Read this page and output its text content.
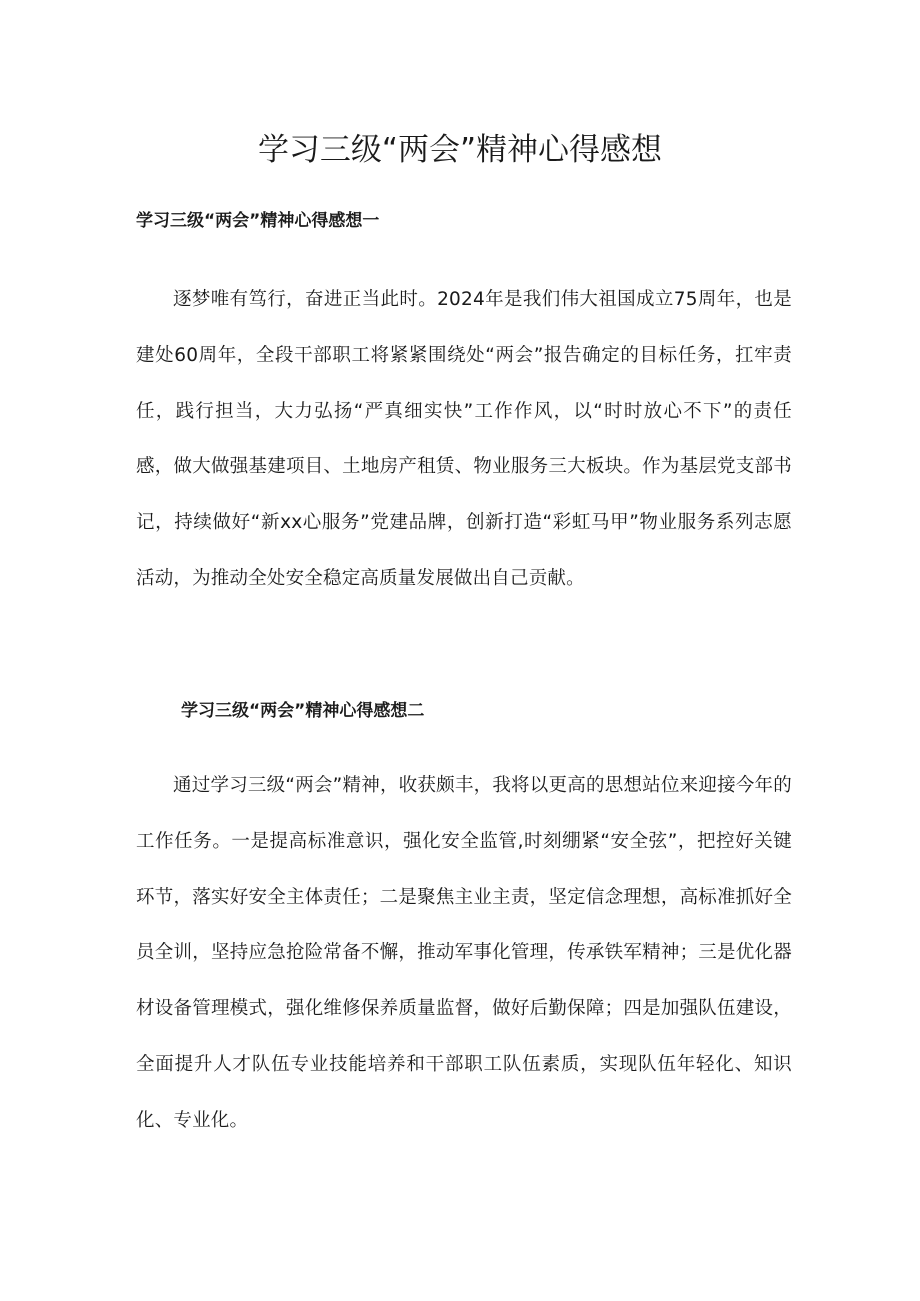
学习三级“两会”精神心得感想
学习三级“两会”精神心得感想一

逐梦唯有笃行，奋进正当此时。2024年是我们伟大祖国成立75周年，也是建处60周年，全段干部职工将紧紧围绕处“两会”报告确定的目标任务，扛牢责任，践行担当，大力弘扬“严真细实快”工作作风，以“时时放心不下”的责任感，做大做强基建项目、土地房产租赁、物业服务三大板块。作为基层党支部书记，持续做好“新xx心服务”党建品牌，创新打造“彩虹马甲”物业服务系列志愿活动，为推动全处安全稳定高质量发展做出自己贡献。

学习三级“两会”精神心得感想二

通过学习三级“两会”精神，收获颇丰，我将以更高的思想站位来迎接今年的工作任务。一是提高标准意识，强化安全监管,时刻绷紧“安全弦”，把控好关键环节，落实好安全主体责任；二是聚焦主业主责，坚定信念理想，高标准抓好全员全训，坚持应急抢险常备不懈，推动军事化管理，传承铁军精神；三是优化器材设备管理模式，强化维修保养质量监督，做好后勤保障；四是加强队伍建设，全面提升人才队伍专业技能培养和干部职工队伍素质，实现队伍年轻化、知识化、专业化。
